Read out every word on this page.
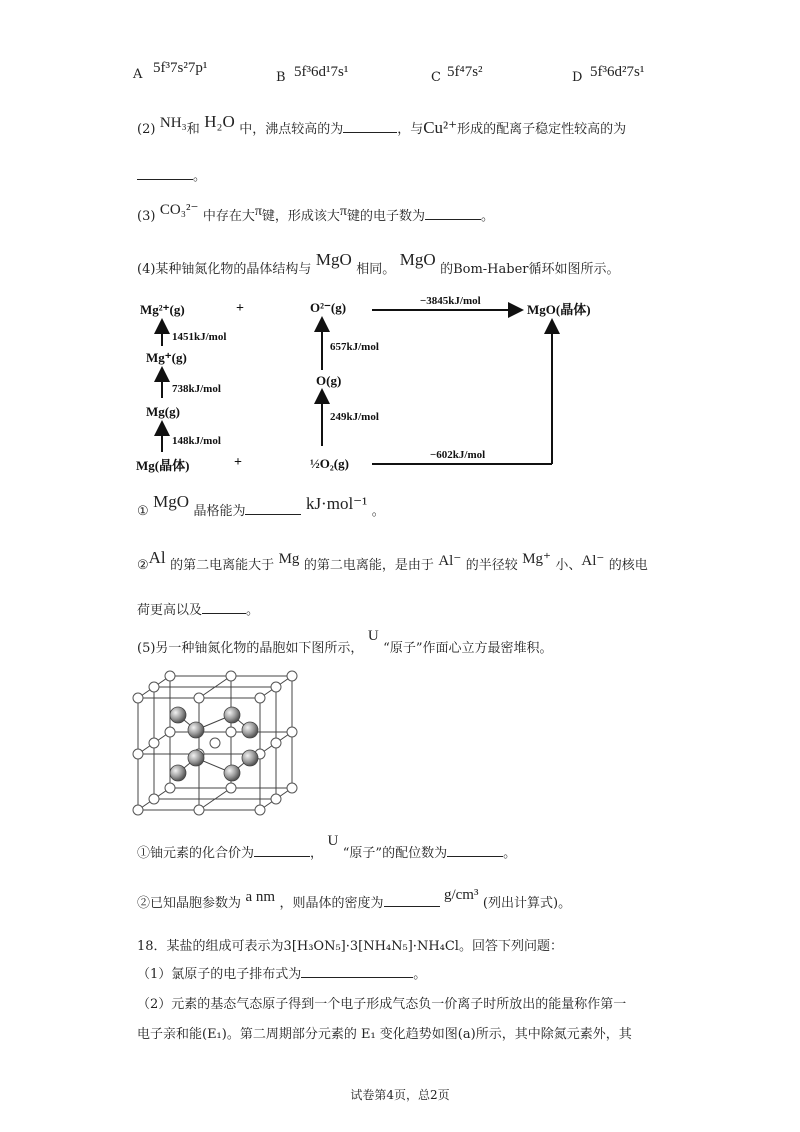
A 5f³7s²7p¹
B 5f³6d¹7s¹	C 5f⁴7s²	D 5f³6d²7s¹
(2) NH₃和 H₂O 中，沸点较高的为	，与Cu²⁺形成的配离子稳定性较高的为
。
(3) CO₃²⁻ 中存在大π键，形成该大π键的电子数为	。
(4)某种铀氮化物的晶体结构与 MgO 相同。 MgO 的Bom-Haber循环如图所示。
Mg²⁺(g)	+
1451kJ/mol
Mg⁺(g)
738kJ/mol
Mg(g)
148kJ/mol
Mg(晶体)	+
O²⁻(g)
657kJ/mol
O(g)
249kJ/mol
½O₂(g)
−3845kJ/mol
MgO(晶体)
−602kJ/mol
① MgO 晶格能为	kJ·mol⁻¹ 。
②Al 的第二电离能大于 Mg 的第二电离能，是由于 Al⁻ 的半径较 Mg⁺ 小、Al⁻ 的核电
荷更高以及	。
(5)另一种铀氮化物的晶胞如下图所示， U “原子”作面心立方最密堆积。
①铀元素的化合价为	， U “原子”的配位数为	。
②已知晶胞参数为 a nm ，则晶体的密度为 g/cm³ (列出计算式)。
18．某盐的组成可表示为3[H₃ON₅]·3[NH₄N₅]·NH₄Cl。回答下列问题：
（1）氯原子的电子排布式为	。
（2）元素的基态气态原子得到一个电子形成气态负一价离子时所放出的能量称作第一
电子亲和能(E₁)。第二周期部分元素的 E₁ 变化趋势如图(a)所示，其中除氮元素外，其
试卷第4页，总2页
